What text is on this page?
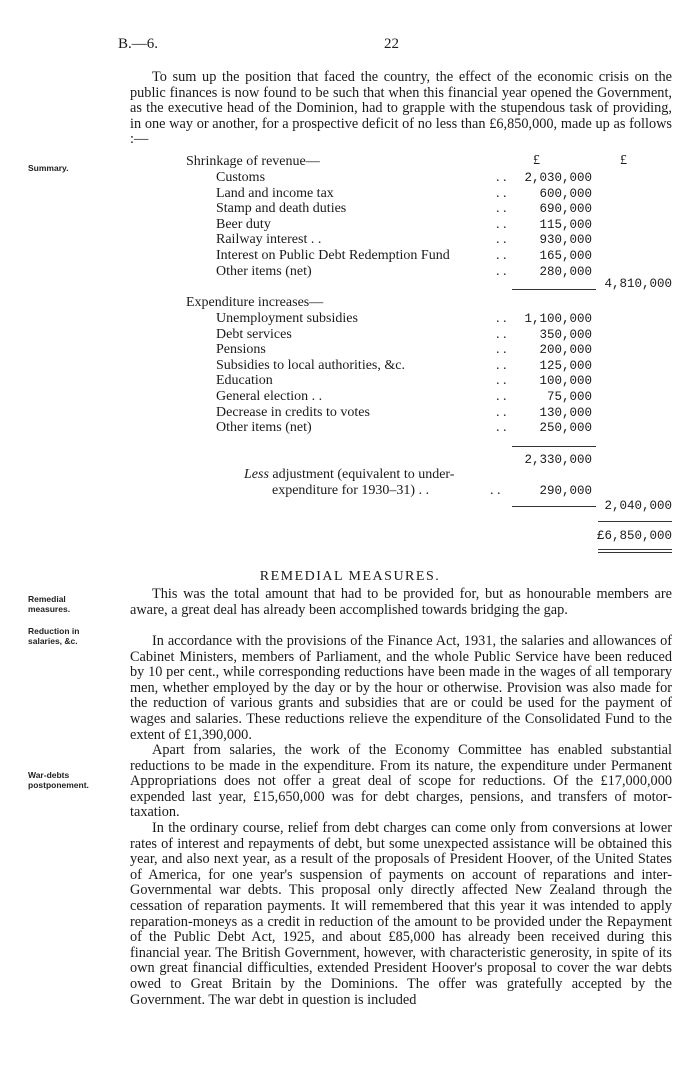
B.—6.	22
To sum up the position that faced the country, the effect of the economic crisis on the public finances is now found to be such that when this financial year opened the Government, as the executive head of the Dominion, had to grapple with the stupendous task of providing, in one way or another, for a prospective deficit of no less than £6,850,000, made up as follows :—
Summary.
Remedial measures.
Reduction in salaries, &c.
War-debts postponement.
£	£
Shrinkage of revenue—
Customs	. .	2,030,000
Land and income tax	. .	600,000
Stamp and death duties	. .	690,000
Beer duty	. .	115,000
Railway interest . .	. .	930,000
Interest on Public Debt Redemption Fund	. .	165,000
Other items (net)	. .	280,000
4,810,000
Expenditure increases—
Unemployment subsidies	. .	1,100,000
Debt services	. .	350,000
Pensions	. .	200,000
Subsidies to local authorities, &c.	. .	125,000
Education	. .	100,000
General election . .	. .	75,000
Decrease in credits to votes	. .	130,000
Other items (net)	. .	250,000
2,330,000
Less adjustment (equivalent to under-
expenditure for 1930–31) . .	. .	290,000
2,040,000
£6,850,000
REMEDIAL MEASURES.
This was the total amount that had to be provided for, but as honourable members are aware, a great deal has already been accomplished towards bridging the gap.
In accordance with the provisions of the Finance Act, 1931, the salaries and allowances of Cabinet Ministers, members of Parliament, and the whole Public Service have been reduced by 10 per cent., while corresponding reductions have been made in the wages of all temporary men, whether employed by the day or by the hour or otherwise. Provision was also made for the reduction of various grants and subsidies that are or could be used for the payment of wages and salaries. These reductions relieve the expenditure of the Consolidated Fund to the extent of £1,390,000.
Apart from salaries, the work of the Economy Committee has enabled substantial reductions to be made in the expenditure. From its nature, the expenditure under Permanent Appropriations does not offer a great deal of scope for reductions. Of the £17,000,000 expended last year, £15,650,000 was for debt charges, pensions, and transfers of motor-taxation.
In the ordinary course, relief from debt charges can come only from conversions at lower rates of interest and repayments of debt, but some unexpected assistance will be obtained this year, and also next year, as a result of the proposals of President Hoover, of the United States of America, for one year's suspension of payments on account of reparations and inter-Governmental war debts. This proposal only directly affected New Zealand through the cessation of reparation payments. It will remembered that this year it was intended to apply reparation-moneys as a credit in reduction of the amount to be provided under the Repayment of the Public Debt Act, 1925, and about £85,000 has already been received during this financial year. The British Government, however, with characteristic generosity, in spite of its own great financial difficulties, extended President Hoover's proposal to cover the war debts owed to Great Britain by the Dominions. The offer was gratefully accepted by the Government. The war debt in question is included
